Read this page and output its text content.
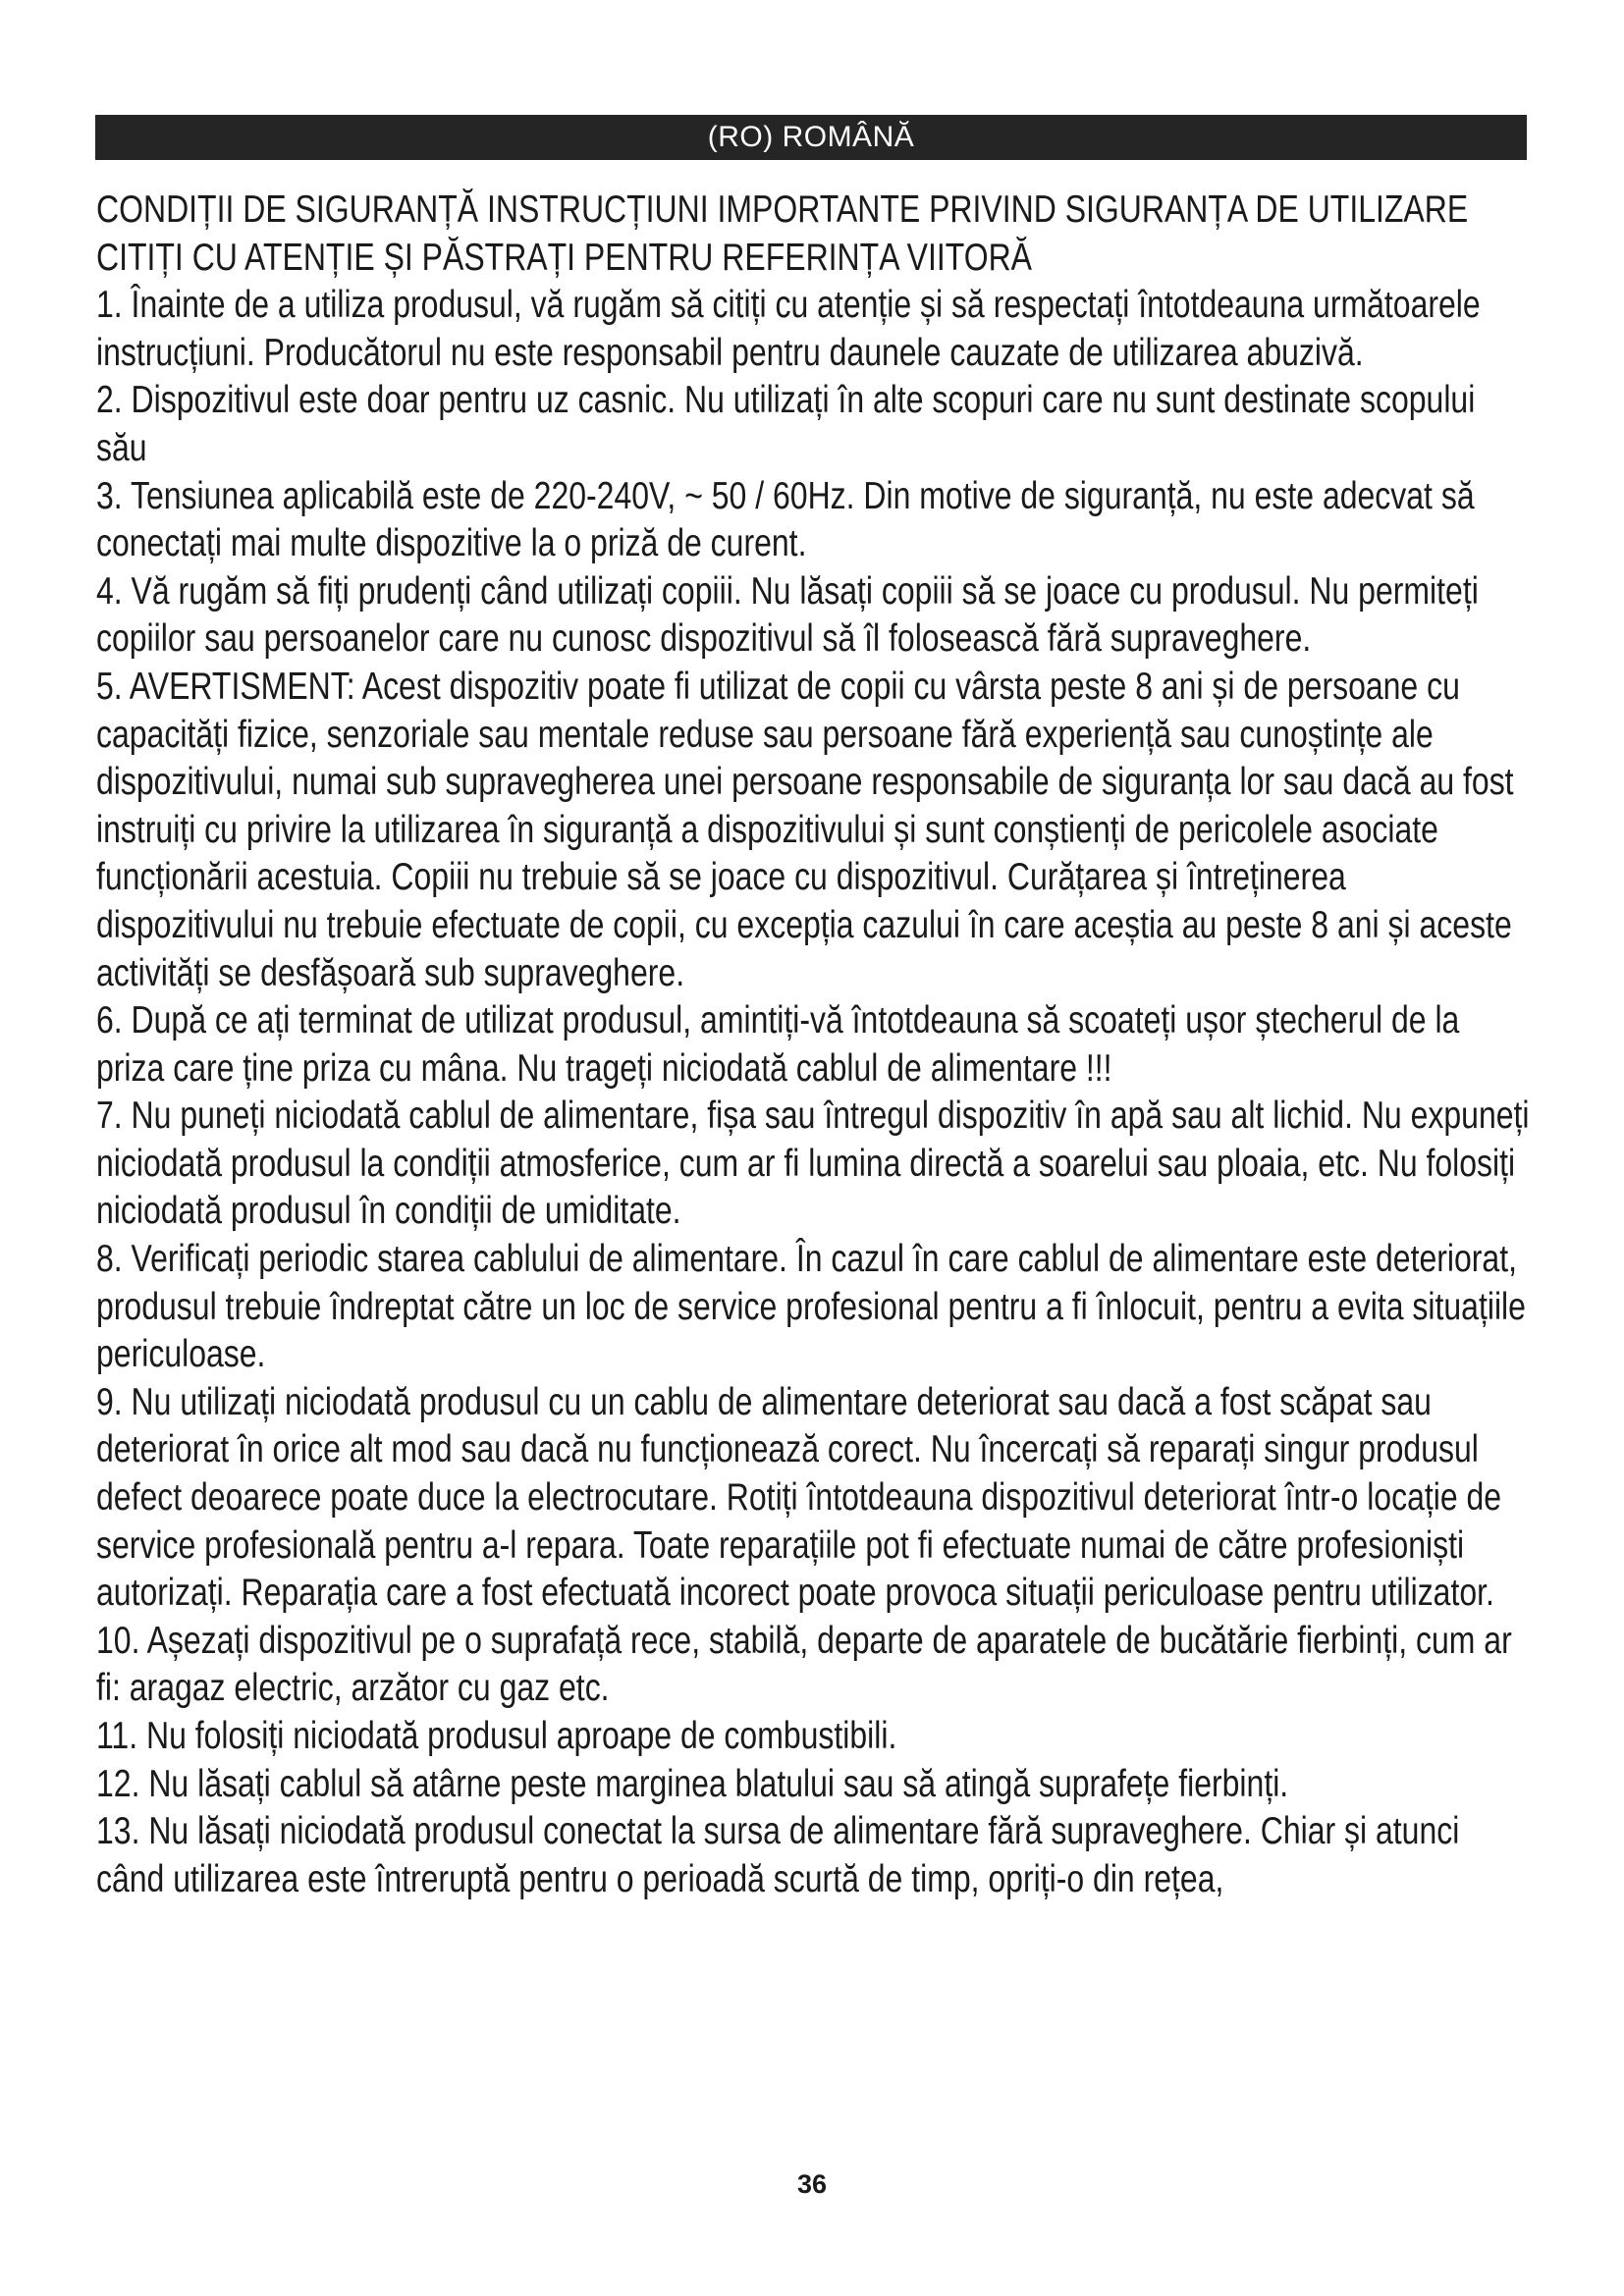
(RO) ROMÂNĂ

CONDIȚII DE SIGURANȚĂ INSTRUCȚIUNI IMPORTANTE PRIVIND SIGURANȚA DE UTILIZARE CITIȚI CU ATENȚIE ȘI PĂSTRAȚI PENTRU REFERINȚA VIITORĂ

1. Înainte de a utiliza produsul, vă rugăm să citiți cu atenție și să respectați întotdeauna următoarele instrucțiuni. Producătorul nu este responsabil pentru daunele cauzate de utilizarea abuzivă.

2. Dispozitivul este doar pentru uz casnic. Nu utilizați în alte scopuri care nu sunt destinate scopului său

3. Tensiunea aplicabilă este de 220-240V, ~ 50 / 60Hz. Din motive de siguranță, nu este adecvat să conectați mai multe dispozitive la o priză de curent.

4. Vă rugăm să fiți prudenți când utilizați copiii. Nu lăsați copiii să se joace cu produsul. Nu permiteți copiilor sau persoanelor care nu cunosc dispozitivul să îl folosească fără supraveghere.

5. AVERTISMENT: Acest dispozitiv poate fi utilizat de copii cu vârsta peste 8 ani și de persoane cu capacități fizice, senzoriale sau mentale reduse sau persoane fără experiență sau cunoștințe ale dispozitivului, numai sub supravegherea unei persoane responsabile de siguranța lor sau dacă au fost instruiți cu privire la utilizarea în siguranță a dispozitivului și sunt conștienți de pericolele asociate funcționării acestuia. Copiii nu trebuie să se joace cu dispozitivul. Curățarea și întreținerea dispozitivului nu trebuie efectuate de copii, cu excepția cazului în care aceștia au peste 8 ani și aceste activități se desfășoară sub supraveghere.

6. După ce ați terminat de utilizat produsul, amintiți-vă întotdeauna să scoateți ușor ștecherul de la priza care ține priza cu mâna. Nu trageți niciodată cablul de alimentare !!!

7. Nu puneți niciodată cablul de alimentare, fișa sau întregul dispozitiv în apă sau alt lichid. Nu expuneți niciodată produsul la condiții atmosferice, cum ar fi lumina directă a soarelui sau ploaia, etc. Nu folosiți niciodată produsul în condiții de umiditate.

8. Verificați periodic starea cablului de alimentare. În cazul în care cablul de alimentare este deteriorat, produsul trebuie îndreptat către un loc de service profesional pentru a fi înlocuit, pentru a evita situațiile periculoase.

9. Nu utilizați niciodată produsul cu un cablu de alimentare deteriorat sau dacă a fost scăpat sau deteriorat în orice alt mod sau dacă nu funcționează corect. Nu încercați să reparați singur produsul defect deoarece poate duce la electrocutare. Rotiți întotdeauna dispozitivul deteriorat într-o locație de service profesională pentru a-l repara. Toate reparațiile pot fi efectuate numai de către profesioniști autorizați. Reparația care a fost efectuată incorect poate provoca situații periculoase pentru utilizator.

10. Așezați dispozitivul pe o suprafață rece, stabilă, departe de aparatele de bucătărie fierbinți, cum ar fi: aragaz electric, arzător cu gaz etc.

11. Nu folosiți niciodată produsul aproape de combustibili.

12. Nu lăsați cablul să atârne peste marginea blatului sau să atingă suprafețe fierbinți.

13. Nu lăsați niciodată produsul conectat la sursa de alimentare fără supraveghere. Chiar și atunci când utilizarea este întreruptă pentru o perioadă scurtă de timp, opriți-o din rețea,

36
